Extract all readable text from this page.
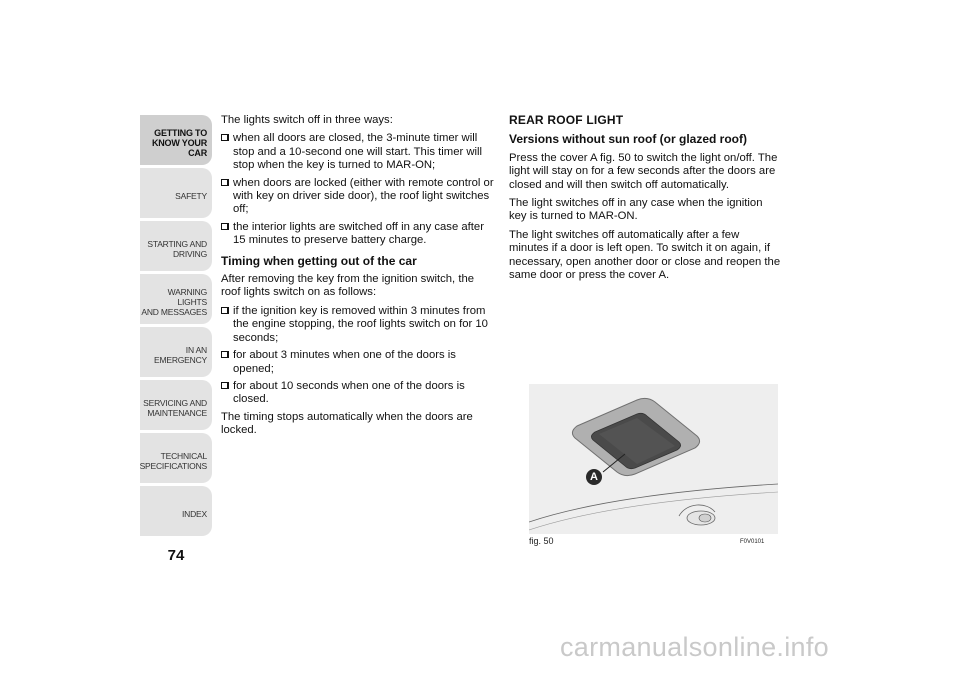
GETTING TO
KNOW YOUR CAR
SAFETY
STARTING AND
DRIVING
WARNING LIGHTS
AND MESSAGES
IN AN EMERGENCY
SERVICING AND
MAINTENANCE
TECHNICAL
SPECIFICATIONS
INDEX
74

The lights switch off in three ways:

when all doors are closed, the 3-minute timer will stop and a 10-second one will start. This timer will stop when the key is turned to MAR-ON;
when doors are locked (either with remote control or with key on driver side door), the roof light switches off;
the interior lights are switched off in any case after 15 minutes to preserve battery charge.
Timing when getting out of the car

After removing the key from the ignition switch, the roof lights switch on as follows:

if the ignition key is removed within 3 minutes from the engine stopping, the roof lights switch on for 10 seconds;
for about 3 minutes when one of the doors is opened;
for about 10 seconds when one of the doors is closed.

The timing stops automatically when the doors are locked.

REAR ROOF LIGHT
Versions without sun roof (or glazed roof)

Press the cover A fig. 50 to switch the light on/off. The light will stay on for a few seconds after the doors are closed and will then switch off automatically.

The light switches off in any case when the ignition key is turned to MAR-ON.

The light switches off automatically after a few minutes if a door is left open. To switch it on again, if necessary, open another door or close and reopen the same door or press the cover A.

A
fig. 50	F0V0101
carmanualsonline.info
